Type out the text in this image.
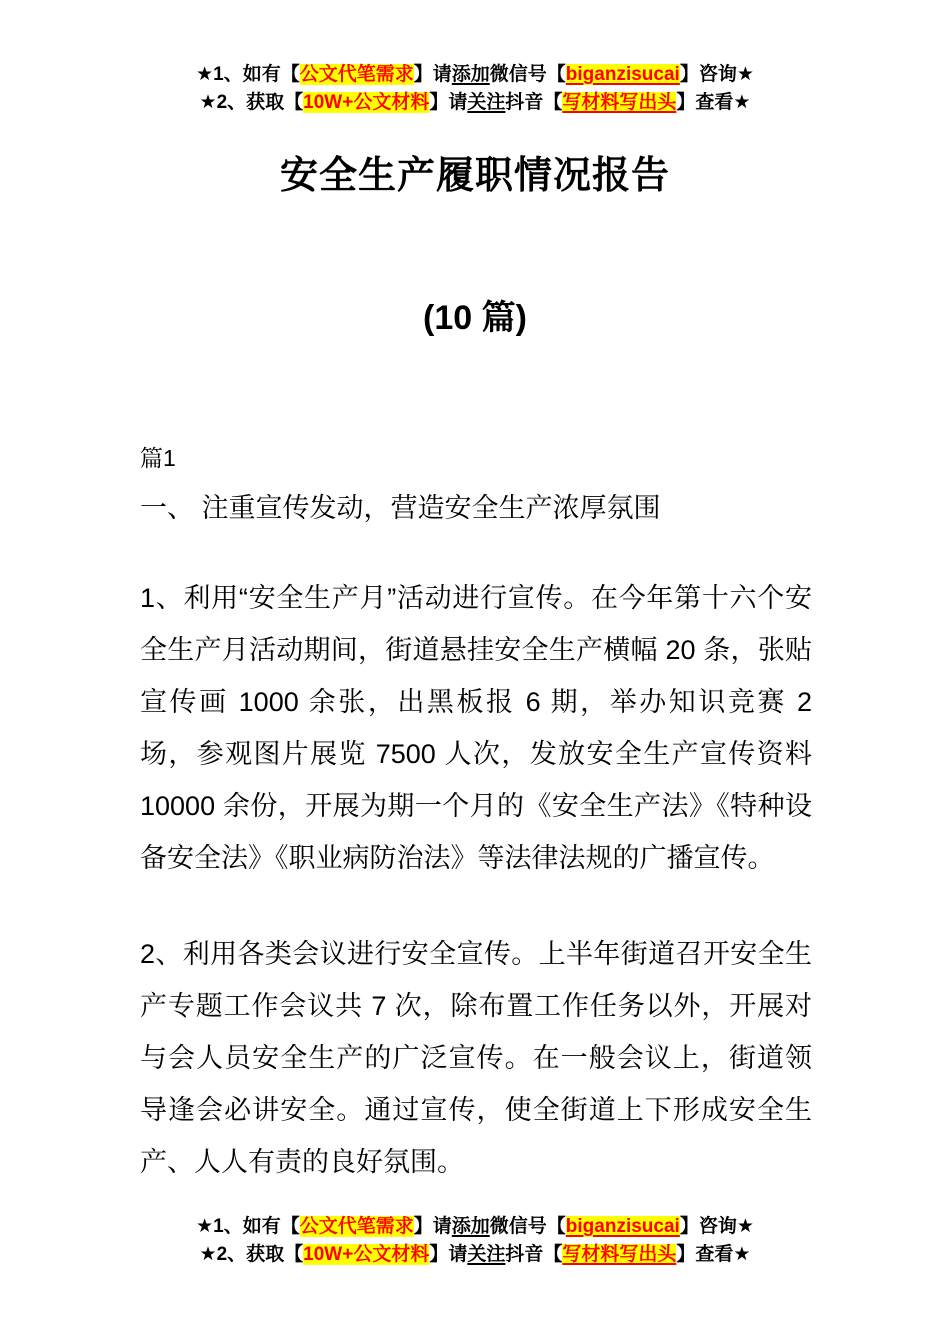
★1、如有【公文代笔需求】请添加微信号【biganzisucai】咨询★
★2、获取【10W+公文材料】请关注抖音【写材料写出头】查看★
安全生产履职情况报告
(10 篇)
篇1
一、 注重宣传发动，营造安全生产浓厚氛围

1、利用“安全生产月”活动进行宣传。在今年第十六个安全生产月活动期间，街道悬挂安全生产横幅 20 条，张贴宣传画 1000 余张，出黑板报 6 期，举办知识竞赛 2 场，参观图片展览 7500 人次，发放安全生产宣传资料 10000 余份，开展为期一个月的《安全生产法》《特种设备安全法》《职业病防治法》等法律法规的广播宣传。

2、利用各类会议进行安全宣传。上半年街道召开安全生产专题工作会议共 7 次，除布置工作任务以外，开展对与会人员安全生产的广泛宣传。在一般会议上，街道领导逢会必讲安全。通过宣传，使全街道上下形成安全生产、人人有责的良好氛围。

★1、如有【公文代笔需求】请添加微信号【biganzisucai】咨询★
★2、获取【10W+公文材料】请关注抖音【写材料写出头】查看★
